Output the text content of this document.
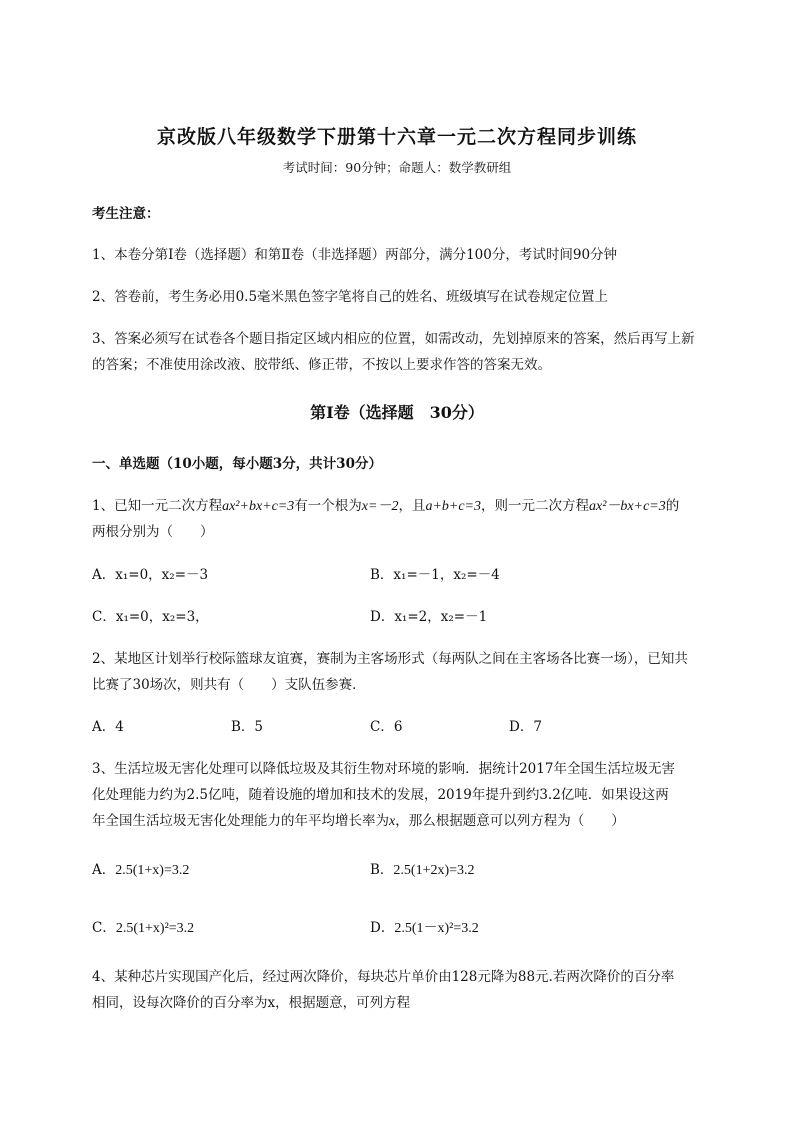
京改版八年级数学下册第十六章一元二次方程同步训练
考试时间：90分钟；命题人：数学教研组
考生注意：
1、本卷分第Ⅰ卷（选择题）和第Ⅱ卷（非选择题）两部分，满分100分，考试时间90分钟
2、答卷前，考生务必用0.5毫米黑色签字笔将自己的姓名、班级填写在试卷规定位置上
3、答案必须写在试卷各个题目指定区域内相应的位置，如需改动，先划掉原来的答案，然后再写上新
的答案；不准使用涂改液、胶带纸、修正带，不按以上要求作答的答案无效。
第Ⅰ卷（选择题　30分）
一、单选题（10小题，每小题3分，共计30分）
1、已知一元二次方程ax²+bx+c=3有一个根为x=－2，且a+b+c=3，则一元二次方程ax²－bx+c=3的
两根分别为（　　）
A．x₁=0，x₂=－3	B．x₁=－1，x₂=－4
C．x₁=0，x₂=3，	D．x₁=2，x₂=－1
2、某地区计划举行校际篮球友谊赛，赛制为主客场形式（每两队之间在主客场各比赛一场），已知共
比赛了30场次，则共有（　　）支队伍参赛．
A．4	B．5	C．6	D．7
3、生活垃圾无害化处理可以降低垃圾及其衍生物对环境的影响．据统计2017年全国生活垃圾无害
化处理能力约为2.5亿吨，随着设施的增加和技术的发展，2019年提升到约3.2亿吨．如果设这两
年全国生活垃圾无害化处理能力的年平均增长率为x，那么根据题意可以列方程为（　　）
A．2.5(1+x)=3.2	B．2.5(1+2x)=3.2
C．2.5(1+x)²=3.2	D．2.5(1－x)²=3.2
4、某种芯片实现国产化后，经过两次降价，每块芯片单价由128元降为88元.若两次降价的百分率
相同，设每次降价的百分率为x，根据题意，可列方程
